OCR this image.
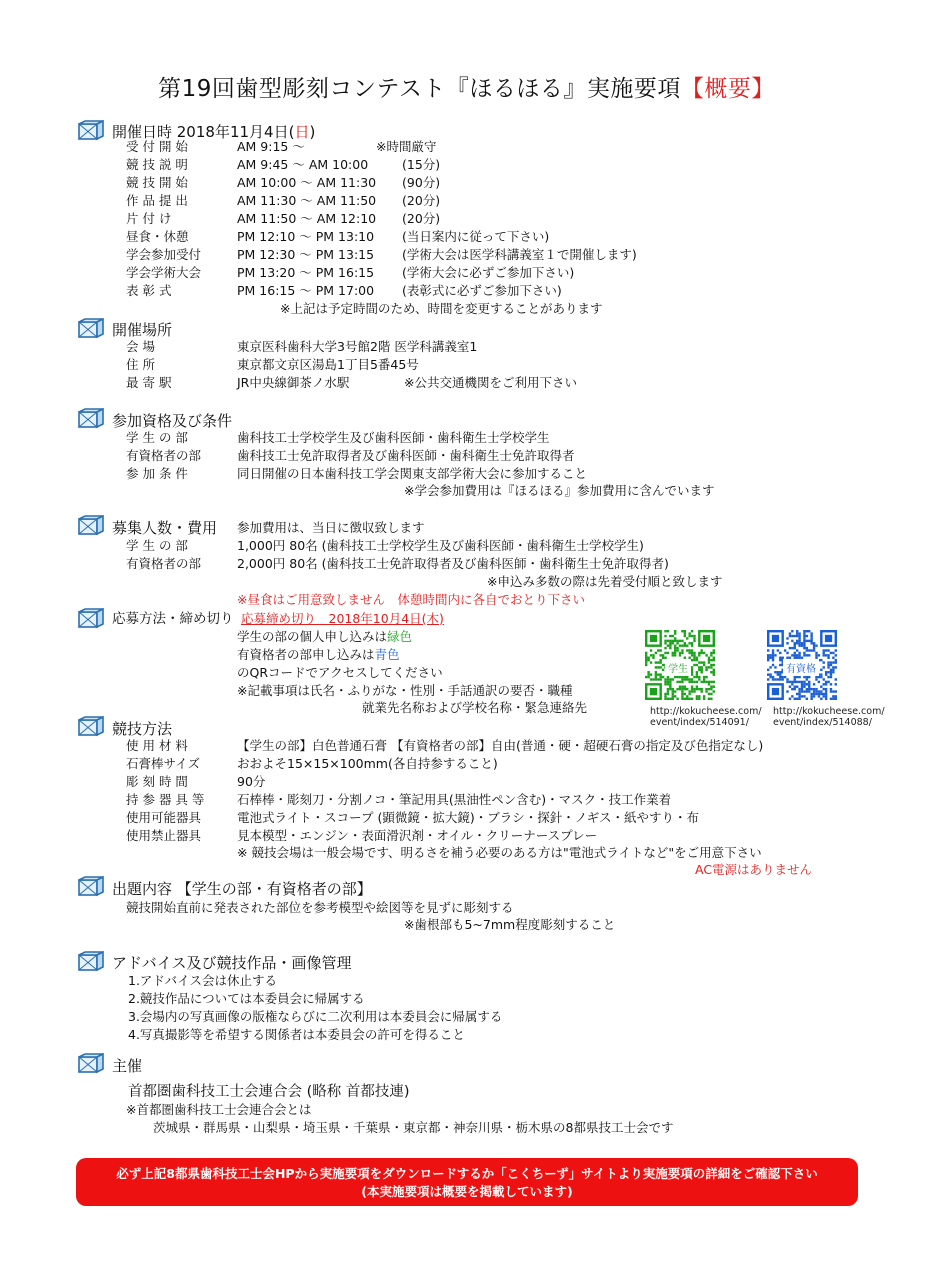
第19回歯型彫刻コンテスト『ほるほる』実施要項【概要】
開催日時 2018年11月4日(日)
受 付 開 始	AM 9:15 〜	※時間厳守
競 技 説 明	AM 9:45 〜 AM 10:00	(15分)
競 技 開 始	AM 10:00 〜 AM 11:30 (90分)
作 品 提 出	AM 11:30 〜 AM 11:50 (20分)
片 付 け	AM 11:50 〜 AM 12:10 (20分)
昼食・休憩	PM 12:10 〜 PM 13:10 (当日案内に従って下さい)
学会参加受付	PM 12:30 〜 PM 13:15 (学術大会は医学科講義室１で開催します)
学会学術大会	PM 13:20 〜 PM 16:15 (学術大会に必ずご参加下さい)
表 彰 式	PM 16:15 〜 PM 17:00 (表彰式に必ずご参加下さい)
※上記は予定時間のため、時間を変更することがあります
開催場所
会 場	東京医科歯科大学3号館2階 医学科講義室1
住 所	東京都文京区湯島1丁目5番45号
最 寄 駅	JR中央線御茶ノ水駅	※公共交通機関をご利用下さい
参加資格及び条件
学 生 の 部	歯科技工士学校学生及び歯科医師・歯科衛生士学校学生
有資格者の部	歯科技工士免許取得者及び歯科医師・歯科衛生士免許取得者
参 加 条 件	同日開催の日本歯科技工学会関東支部学術大会に参加すること
※学会参加費用は『ほるほる』参加費用に含んでいます
募集人数・費用 参加費用は、当日に徴収致します
学 生 の 部	1,000円 80名 (歯科技工士学校学生及び歯科医師・歯科衛生士学校学生)
有資格者の部	2,000円 80名 (歯科技工士免許取得者及び歯科医師・歯科衛生士免許取得者)
※申込み多数の際は先着受付順と致します
※昼食はご用意致しません　体憩時間内に各自でおとり下さい
応募方法・締め切り 応募締め切り　2018年10月4日(木)
学生の部の個人申し込みは緑色
有資格者の部申し込みは青色
のQRコードでアクセスしてください
※記載事項は氏名・ふりがな・性別・手話通訳の要否・職種
就業先名称および学校名称・緊急連絡先
学生
http://kokucheese.com/
event/index/514091/
有資格
http://kokucheese.com/
event/index/514088/
競技方法
使 用 材 料	【学生の部】白色普通石膏 【有資格者の部】自由(普通・硬・超硬石膏の指定及び色指定なし)
石膏棒サイズ	おおよそ15×15×100mm(各自持参すること)
彫 刻 時 間	90分
持 参 器 具 等	石棒棒・彫刻刀・分割ノコ・筆記用具(黒油性ペン含む)・マスク・技工作業着
使用可能器具	電池式ライト・スコープ (顕微鏡・拡大鏡)・ブラシ・探針・ノギス・紙やすり・布
使用禁止器具	見本模型・エンジン・表面滑沢剤・オイル・クリーナースプレー
※ 競技会場は一般会場です、明るさを補う必要のある方は"電池式ライトなど"をご用意下さい
AC電源はありません
出題内容 【学生の部・有資格者の部】
競技開始直前に発表された部位を参考模型や絵図等を見ずに彫刻する
※歯根部も5~7mm程度彫刻すること
アドバイス及び競技作品・画像管理
1.アドバイス会は休止する
2.競技作品については本委員会に帰属する
3.会場内の写真画像の版権ならびに二次利用は本委員会に帰属する
4.写真撮影等を希望する関係者は本委員会の許可を得ること
主催
首都圏歯科技工士会連合会 (略称 首都技連)
※首都圏歯科技工士会連合会とは
茨城県・群馬県・山梨県・埼玉県・千葉県・東京都・神奈川県・栃木県の8都県技工士会です
必ず上記8都県歯科技工士会HPから実施要項をダウンロードするか「こくちーず」サイトより実施要項の詳細をご確認下さい
(本実施要項は概要を掲載しています)
